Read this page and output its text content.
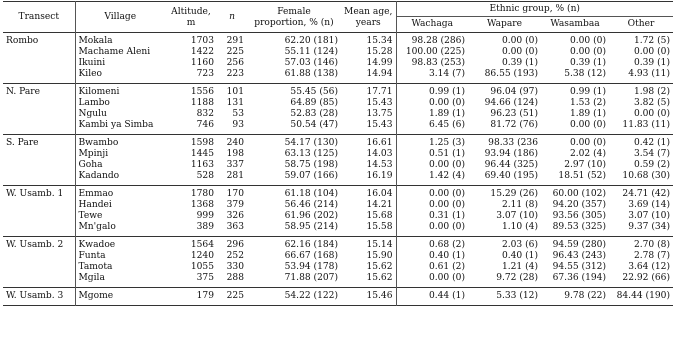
Transect	Village	Altitude,
m	n	Female
proportion, % (n)	Mean age,
years	Ethnic group, % (n)			
						Wachaga	Wapare	Wasambaa	Other
Rombo	Mokala	1703	291	62.20 (181)	15.34	98.28 (286)	0.00 (0)	0.00 (0)	1.72 (5)
	Machame Aleni	1422	225	55.11 (124)	15.28	100.00 (225)	0.00 (0)	0.00 (0)	0.00 (0)
	Ikuini	1160	256	57.03 (146)	14.99	98.83 (253)	0.39 (1)	0.39 (1)	0.39 (1)
	Kileo	723	223	61.88 (138)	14.94	3.14 (7)	86.55 (193)	5.38 (12)	4.93 (11)
N. Pare	Kilomeni	1556	101	55.45 (56)	17.71	0.99 (1)	96.04 (97)	0.99 (1)	1.98 (2)
	Lambo	1188	131	64.89 (85)	15.43	0.00 (0)	94.66 (124)	1.53 (2)	3.82 (5)
	Ngulu	832	53	52.83 (28)	13.75	1.89 (1)	96.23 (51)	1.89 (1)	0.00 (0)
	Kambi ya Simba	746	93	50.54 (47)	15.43	6.45 (6)	81.72 (76)	0.00 (0)	11.83 (11)
S. Pare	Bwambo	1598	240	54.17 (130)	16.61	1.25 (3)	98.33 (236	0.00 (0)	0.42 (1)
	Mpinji	1445	198	63.13 (125)	14.03	0.51 (1)	93.94 (186)	2.02 (4)	3.54 (7)
	Goha	1163	337	58.75 (198)	14.53	0.00 (0)	96.44 (325)	2.97 (10)	0.59 (2)
	Kadando	528	281	59.07 (166)	16.19	1.42 (4)	69.40 (195)	18.51 (52)	10.68 (30)
W. Usamb. 1	Emmao	1780	170	61.18 (104)	16.04	0.00 (0)	15.29 (26)	60.00 (102)	24.71 (42)
	Handei	1368	379	56.46 (214)	14.21	0.00 (0)	2.11 (8)	94.20 (357)	3.69 (14)
	Tewe	999	326	61.96 (202)	15.68	0.31 (1)	3.07 (10)	93.56 (305)	3.07 (10)
	Mn'galo	389	363	58.95 (214)	15.58	0.00 (0)	1.10 (4)	89.53 (325)	9.37 (34)
W. Usamb. 2	Kwadoe	1564	296	62.16 (184)	15.14	0.68 (2)	2.03 (6)	94.59 (280)	2.70 (8)
	Funta	1240	252	66.67 (168)	15.90	0.40 (1)	0.40 (1)	96.43 (243)	2.78 (7)
	Tamota	1055	330	53.94 (178)	15.62	0.61 (2)	1.21 (4)	94.55 (312)	3.64 (12)
	Mgila	375	288	71.88 (207)	15.62	0.00 (0)	9.72 (28)	67.36 (194)	22.92 (66)
W. Usamb. 3	Mgome	179	225	54.22 (122)	15.46	0.44 (1)	5.33 (12)	9.78 (22)	84.44 (190)
